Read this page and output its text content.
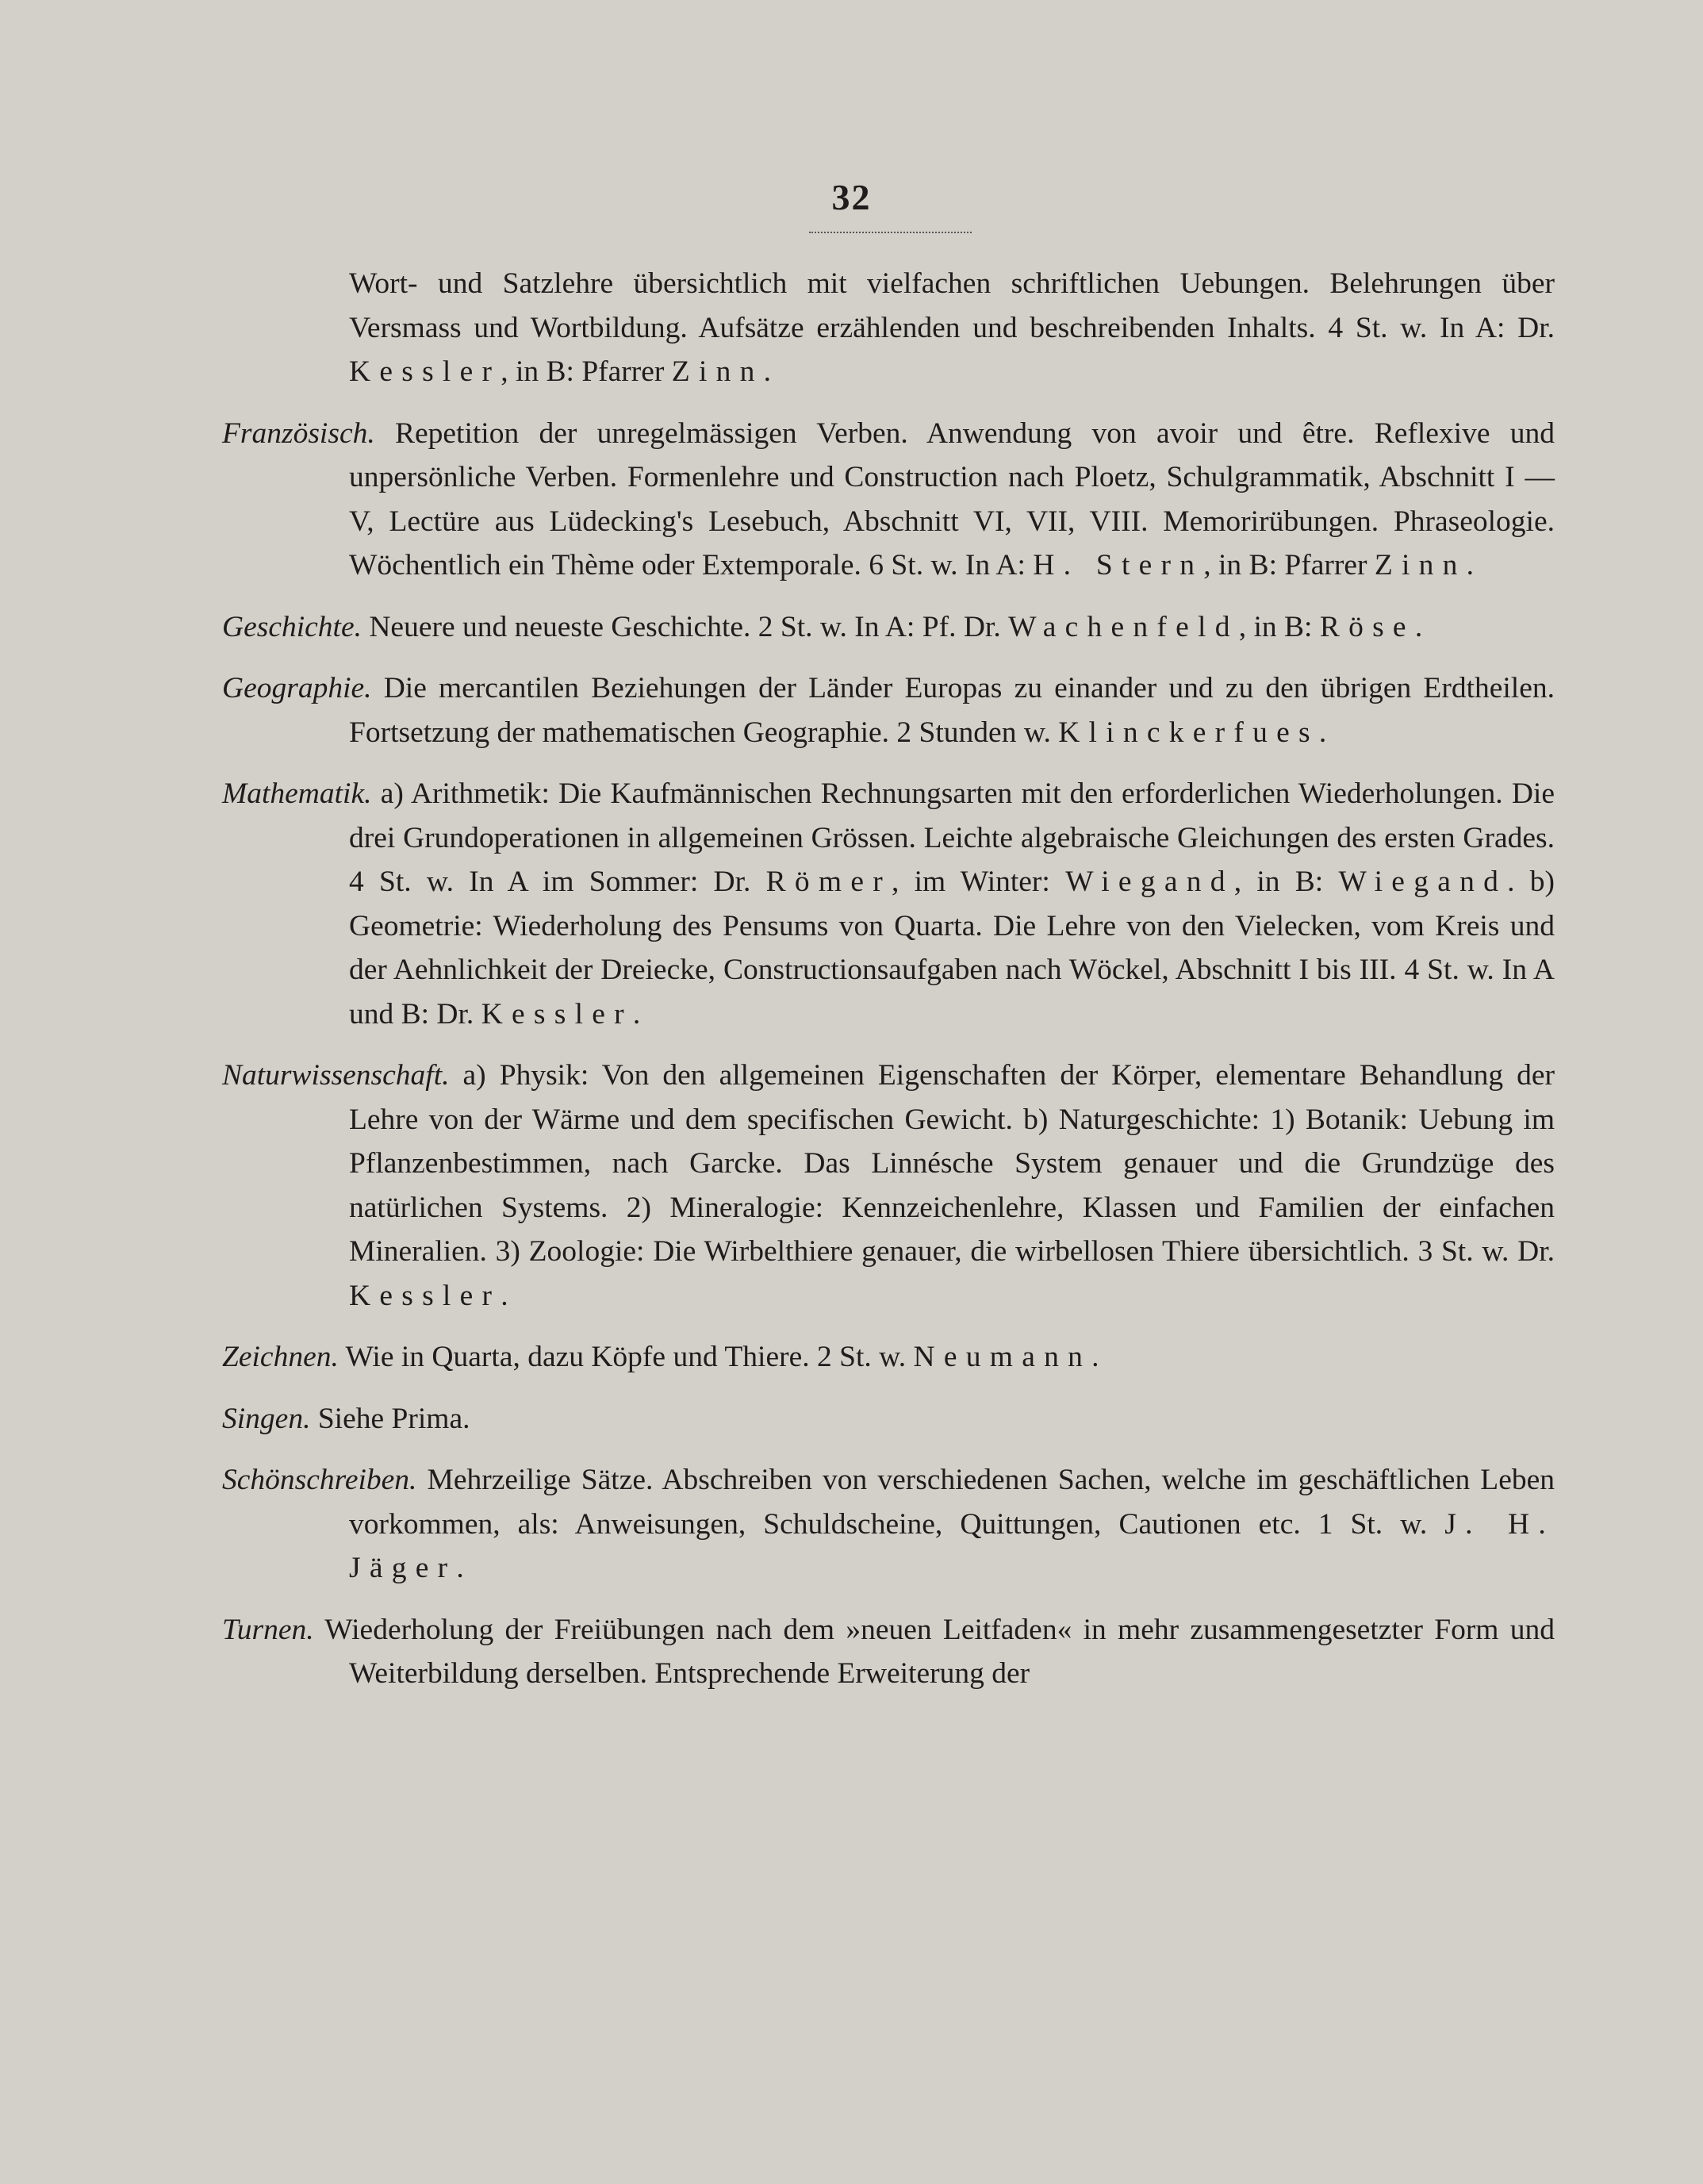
32

Wort- und Satzlehre übersichtlich mit vielfachen schriftlichen Uebungen. Belehrungen über Versmass und Wortbildung. Aufsätze erzählenden und beschreibenden Inhalts. 4 St. w. In A: Dr. Kessler, in B: Pfarrer Zinn.

Französisch. Repetition der unregelmässigen Verben. Anwendung von avoir und être. Reflexive und unpersönliche Verben. Formenlehre und Construction nach Ploetz, Schulgrammatik, Abschnitt I — V, Lectüre aus Lüdecking's Lesebuch, Abschnitt VI, VII, VIII. Memorirübungen. Phraseologie. Wöchentlich ein Thème oder Extemporale. 6 St. w. In A: H. Stern, in B: Pfarrer Zinn.

Geschichte. Neuere und neueste Geschichte. 2 St. w. In A: Pf. Dr. Wachenfeld, in B: Röse.

Geographie. Die mercantilen Beziehungen der Länder Europas zu einander und zu den übrigen Erdtheilen. Fortsetzung der mathematischen Geographie. 2 Stunden w. Klinckerfues.

Mathematik. a) Arithmetik: Die Kaufmännischen Rechnungsarten mit den erforderlichen Wiederholungen. Die drei Grundoperationen in allgemeinen Grössen. Leichte algebraische Gleichungen des ersten Grades. 4 St. w. In A im Sommer: Dr. Römer, im Winter: Wiegand, in B: Wiegand. b) Geometrie: Wiederholung des Pensums von Quarta. Die Lehre von den Vielecken, vom Kreis und der Aehnlichkeit der Dreiecke, Constructionsaufgaben nach Wöckel, Abschnitt I bis III. 4 St. w. In A und B: Dr. Kessler.

Naturwissenschaft. a) Physik: Von den allgemeinen Eigenschaften der Körper, elementare Behandlung der Lehre von der Wärme und dem specifischen Gewicht. b) Naturgeschichte: 1) Botanik: Uebung im Pflanzenbestimmen, nach Garcke. Das Linnésche System genauer und die Grundzüge des natürlichen Systems. 2) Mineralogie: Kennzeichenlehre, Klassen und Familien der einfachen Mineralien. 3) Zoologie: Die Wirbelthiere genauer, die wirbellosen Thiere übersichtlich. 3 St. w. Dr. Kessler.

Zeichnen. Wie in Quarta, dazu Köpfe und Thiere. 2 St. w. Neumann.

Singen. Siehe Prima.

Schönschreiben. Mehrzeilige Sätze. Abschreiben von verschiedenen Sachen, welche im geschäftlichen Leben vorkommen, als: Anweisungen, Schuldscheine, Quittungen, Cautionen etc. 1 St. w. J. H. Jäger.

Turnen. Wiederholung der Freiübungen nach dem »neuen Leitfaden« in mehr zusammengesetzter Form und Weiterbildung derselben. Entsprechende Erweiterung der
